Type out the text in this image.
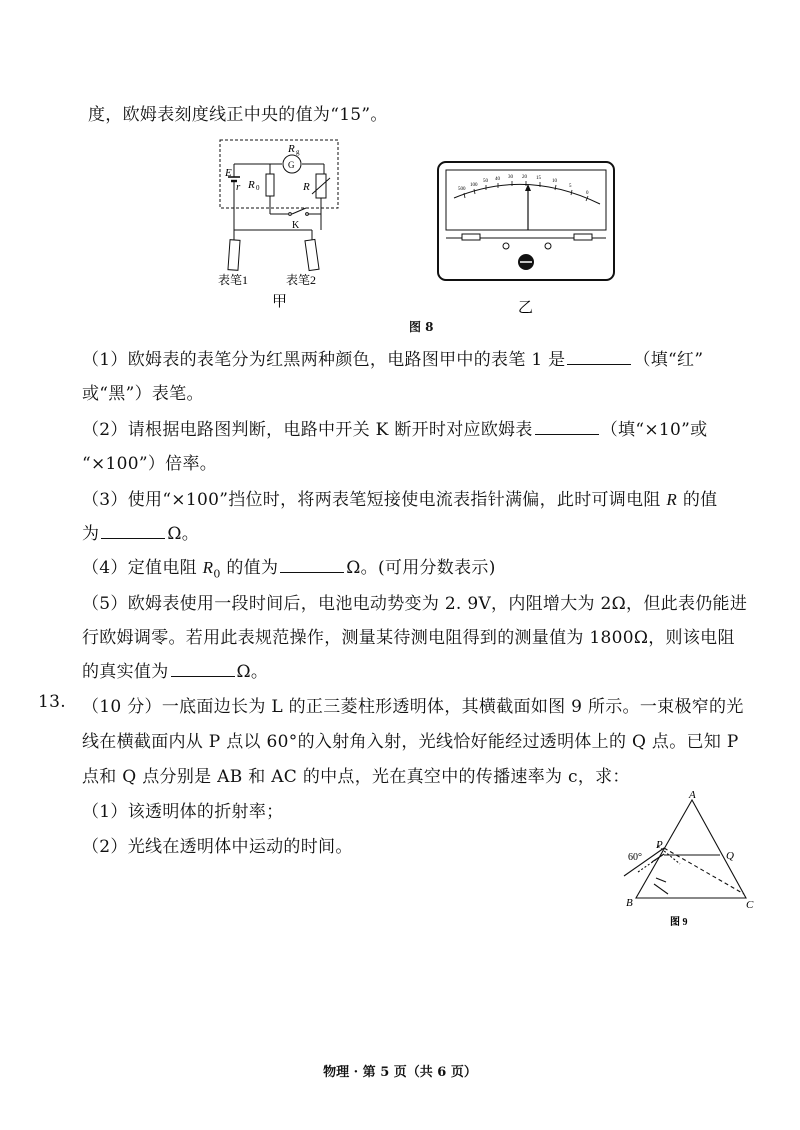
度，欧姆表刻度线正中央的值为“15”。
R g
G
E
r R 0	R
K
表笔1	表笔2
甲
500
100
50 40 30 20 15
10
5
0
乙
图 8
（1）欧姆表的表笔分为红黑两种颜色，电路图甲中的表笔 1 是	（填“红”
或“黑”）表笔。
（2）请根据电路图判断，电路中开关 K 断开时对应欧姆表	（填“×10”或
“×100”）倍率。
（3）使用“×100”挡位时，将两表笔短接使电流表指针满偏，此时可调电阻 R 的值
为	Ω。
（4）定值电阻 $R_0$ 的值为	Ω。(可用分数表示)
（5）欧姆表使用一段时间后，电池电动势变为 2. 9V，内阻增大为 2Ω，但此表仍能进
行欧姆调零。若用此表规范操作，测量某待测电阻得到的测量值为 1800Ω，则该电阻
的真实值为	Ω。
13. （10 分）一底面边长为 L 的正三菱柱形透明体，其横截面如图 9 所示。一束极窄的光
线在横截面内从 P 点以 60°的入射角入射，光线恰好能经过透明体上的 Q 点。已知 P
点和 Q 点分别是 AB 和 AC 的中点，光在真空中的传播速率为 c，求：
（1）该透明体的折射率；
（2）光线在透明体中运动的时间。
A
B	C
P
Q
60°
图 9
物理 · 第 5 页（共 6 页）
